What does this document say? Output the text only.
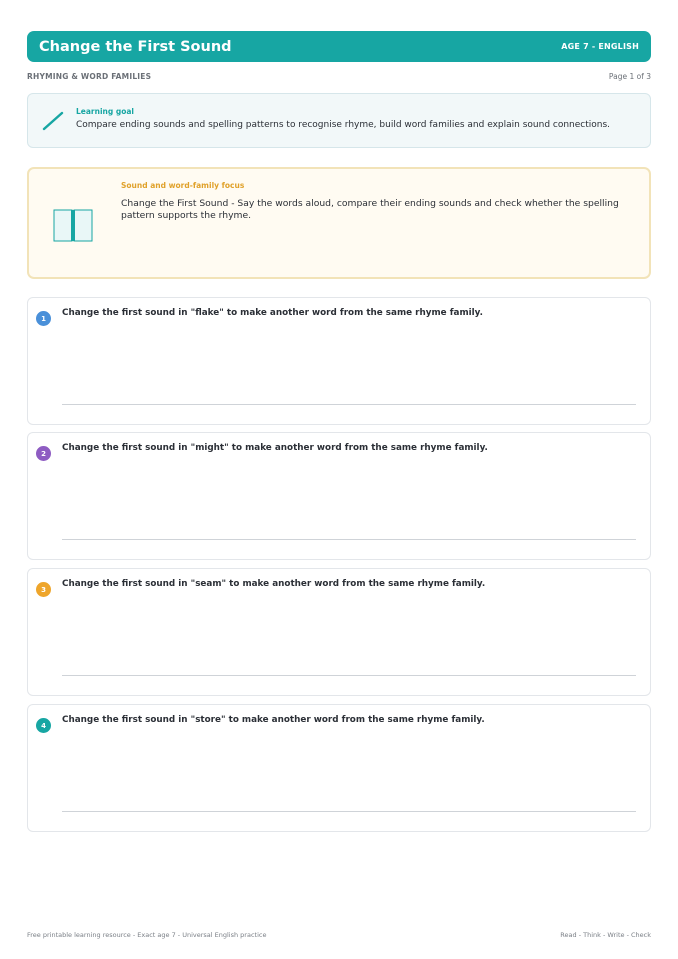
Change the First Sound	AGE 7 - ENGLISH
RHYMING & WORD FAMILIES	Page 1 of 3
Learning goal
Compare ending sounds and spelling patterns to recognise rhyme, build word families and explain sound connections.
Sound and word-family focus
Change the First Sound - Say the words aloud, compare their ending sounds and check whether the spelling pattern supports the rhyme.
1
Change the first sound in "flake" to make another word from the same rhyme family.
2
Change the first sound in "might" to make another word from the same rhyme family.
3
Change the first sound in "seam" to make another word from the same rhyme family.
4
Change the first sound in "store" to make another word from the same rhyme family.
Free printable learning resource - Exact age 7 - Universal English practice	Read - Think - Write - Check
